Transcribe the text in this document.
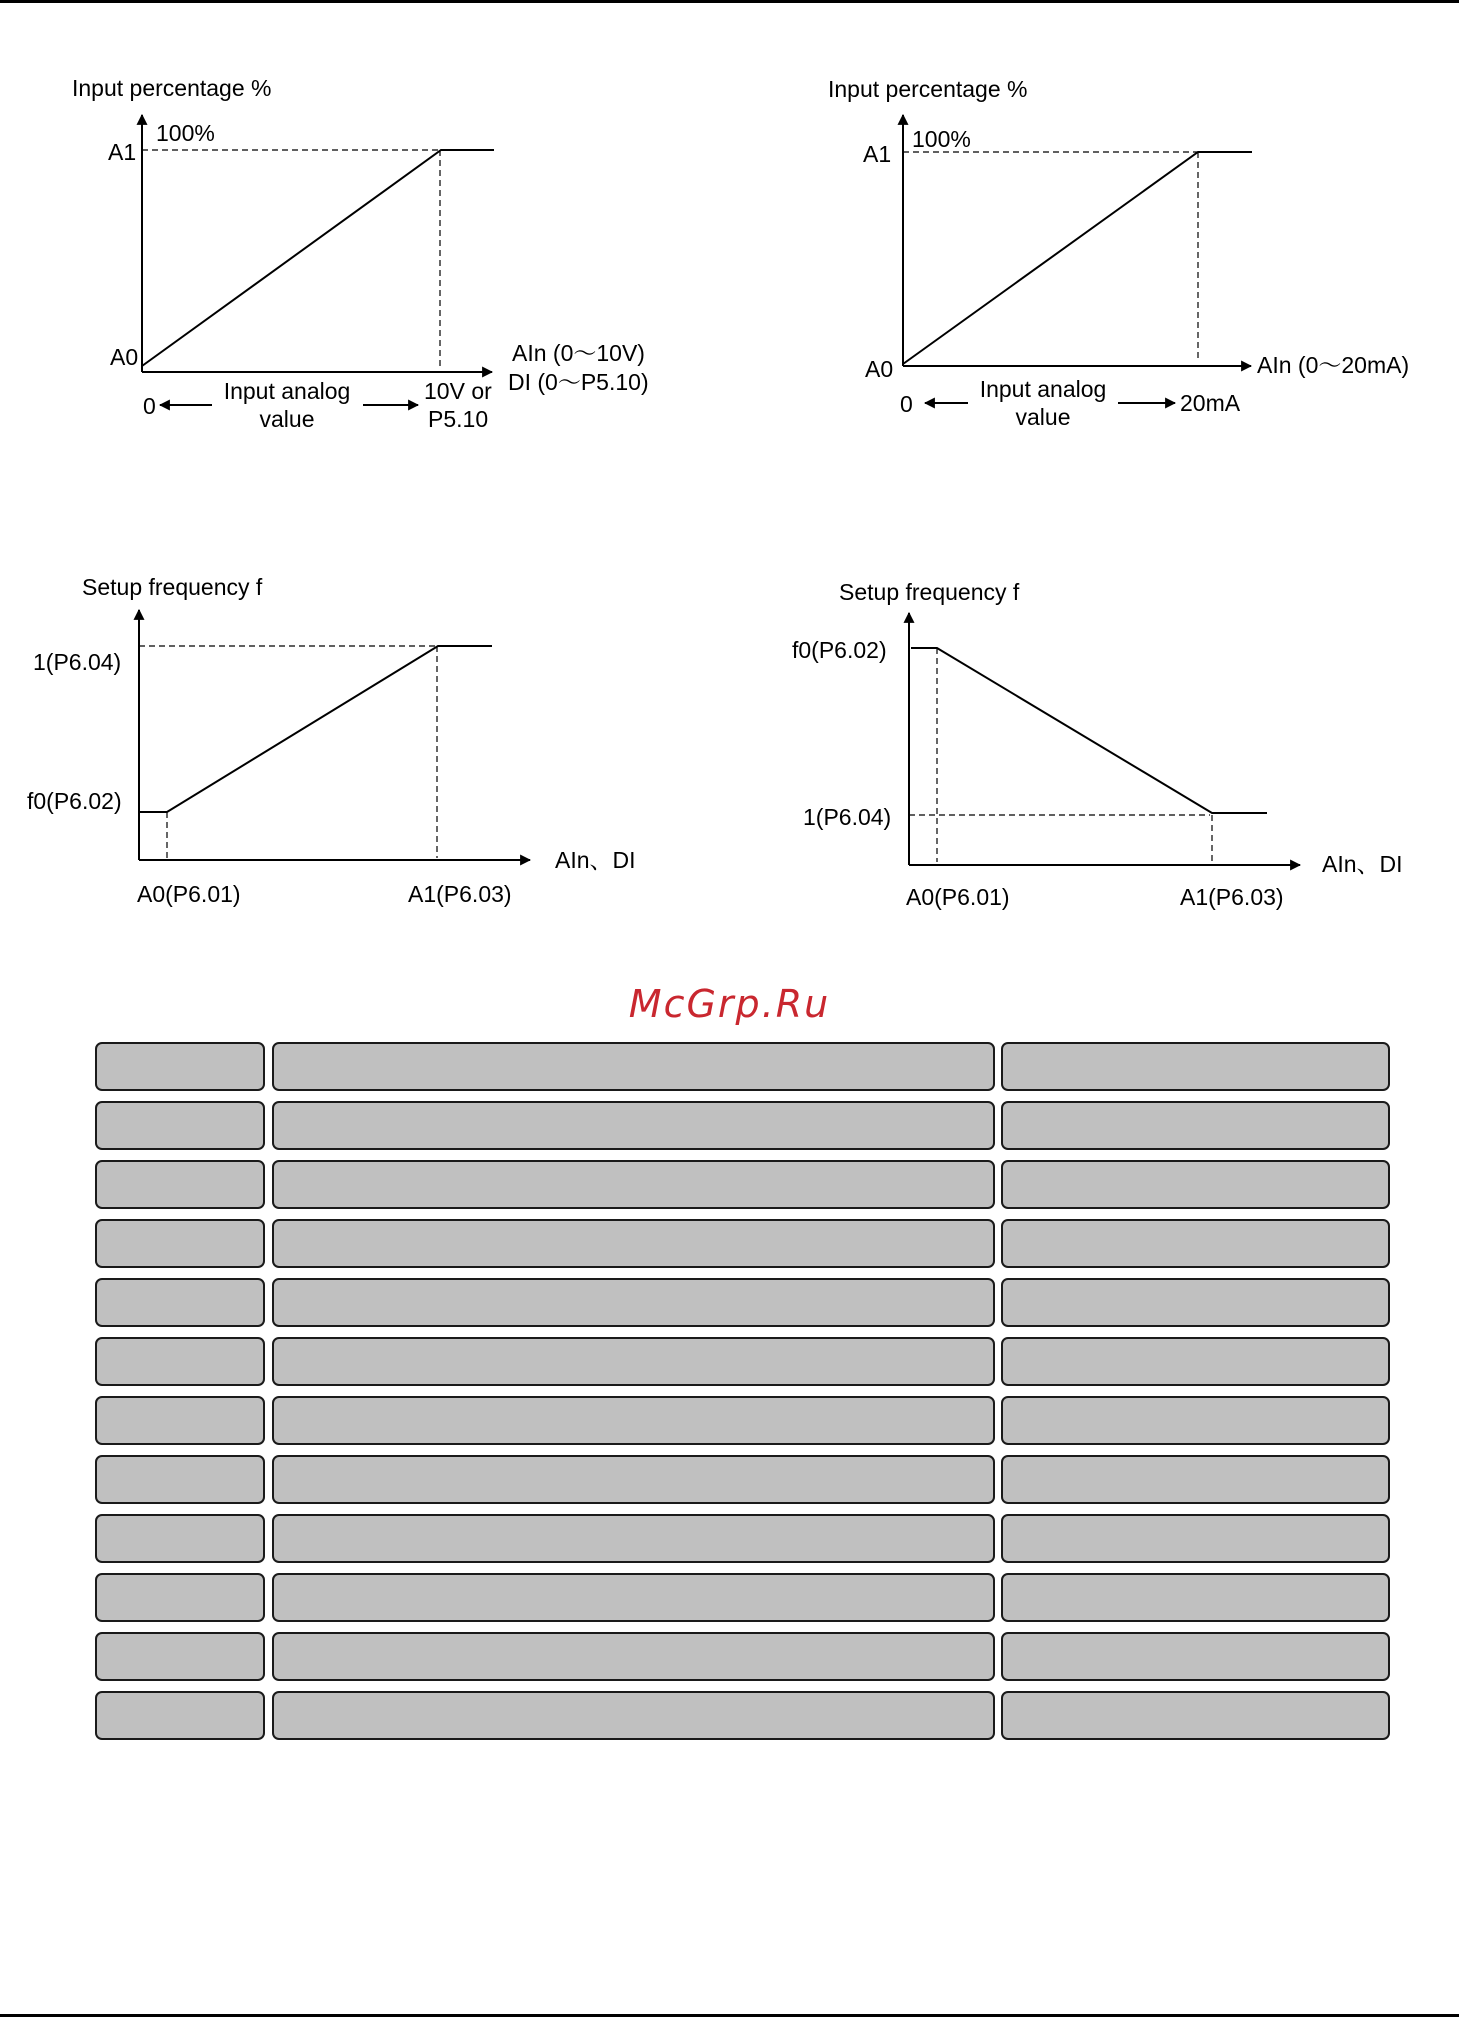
Input percentage %
A1
100%
A0	AIn (0～10V)
DI (0～P5.10)
0
Input analog
value
10V or
P5.10
Input percentage %
A1
100%
A0	AIn (0～20mA)
0
Input analog
value
20mA
Setup frequency f
1(P6.04)
f0(P6.02)
AIn、DI
A0(P6.01)	A1(P6.03)
Setup frequency f
f0(P6.02)
1(P6.04)
AIn、DI
A0(P6.01)	A1(P6.03)
McGrp.Ru
